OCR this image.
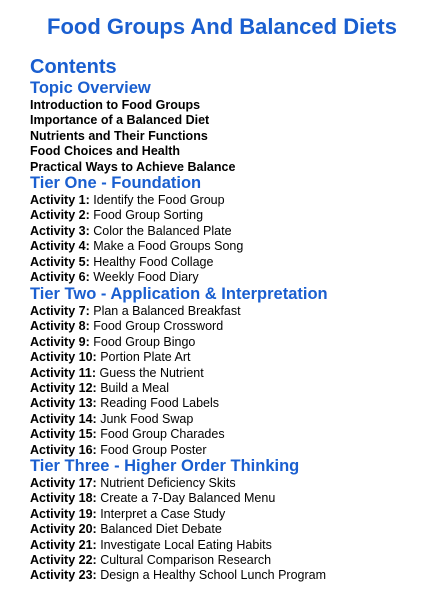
Food Groups And Balanced Diets
Contents
Topic Overview
Introduction to Food Groups
Importance of a Balanced Diet
Nutrients and Their Functions
Food Choices and Health
Practical Ways to Achieve Balance
Tier One - Foundation
Activity 1: Identify the Food Group
Activity 2: Food Group Sorting
Activity 3: Color the Balanced Plate
Activity 4: Make a Food Groups Song
Activity 5: Healthy Food Collage
Activity 6: Weekly Food Diary
Tier Two - Application & Interpretation
Activity 7: Plan a Balanced Breakfast
Activity 8: Food Group Crossword
Activity 9: Food Group Bingo
Activity 10: Portion Plate Art
Activity 11: Guess the Nutrient
Activity 12: Build a Meal
Activity 13: Reading Food Labels
Activity 14: Junk Food Swap
Activity 15: Food Group Charades
Activity 16: Food Group Poster
Tier Three - Higher Order Thinking
Activity 17: Nutrient Deficiency Skits
Activity 18: Create a 7-Day Balanced Menu
Activity 19: Interpret a Case Study
Activity 20: Balanced Diet Debate
Activity 21: Investigate Local Eating Habits
Activity 22: Cultural Comparison Research
Activity 23: Design a Healthy School Lunch Program
